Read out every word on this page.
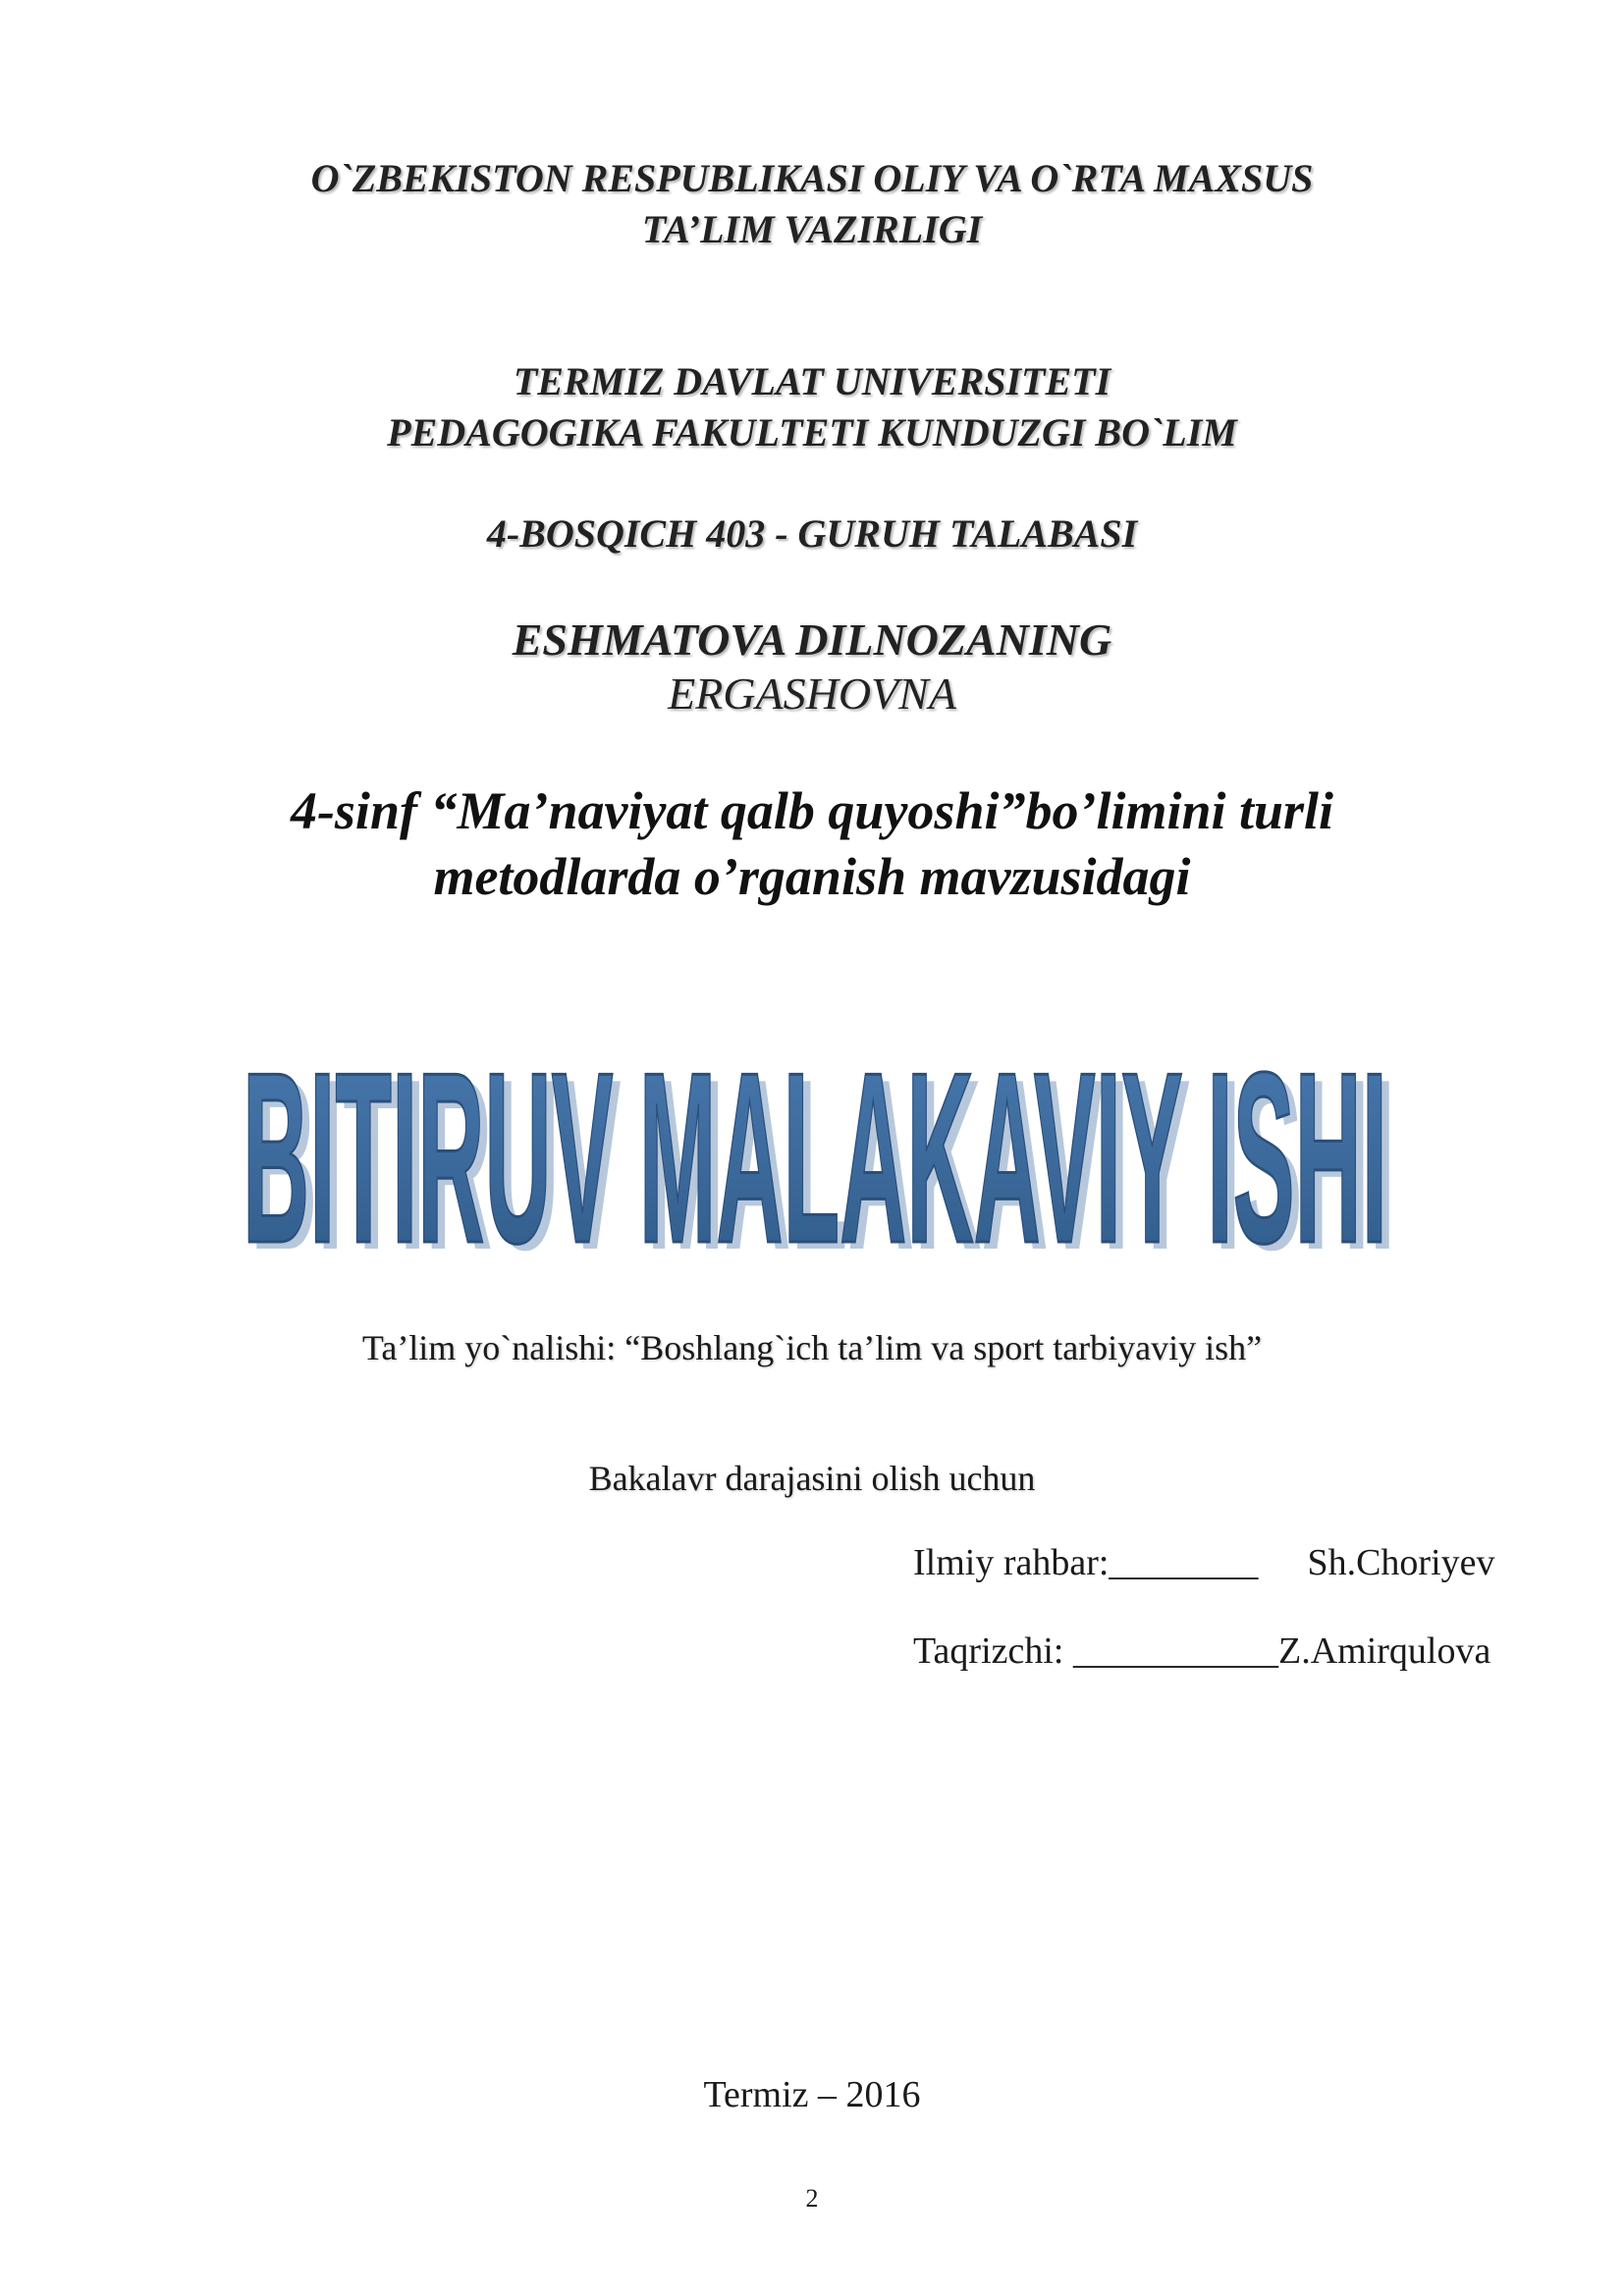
O`ZBEKISTON RESPUBLIKASI OLIY VA O`RTA MAXSUS
TA’LIM VAZIRLIGI
TERMIZ DAVLAT UNIVERSITETI
PEDAGOGIKA FAKULTETI KUNDUZGI BO`LIM
4-BOSQICH 403 - GURUH TALABASI
ESHMATOVA DILNOZANING
ERGASHOVNA
4-sinf “Ma’naviyat qalb quyoshi”bo’limini turli
metodlarda o’rganish mavzusidagi
BITIRUV MALAKAVIY ISHI
BITIRUV MALAKAVIY ISHI
Ta’lim yo`nalishi: “Boshlang`ich ta’lim va sport tarbiyaviy ish”
Bakalavr darajasini olish uchun
Ilmiy rahbar:________ Sh.Choriyev
Taqrizchi: ___________Z.Amirqulova
Termiz – 2016
2
